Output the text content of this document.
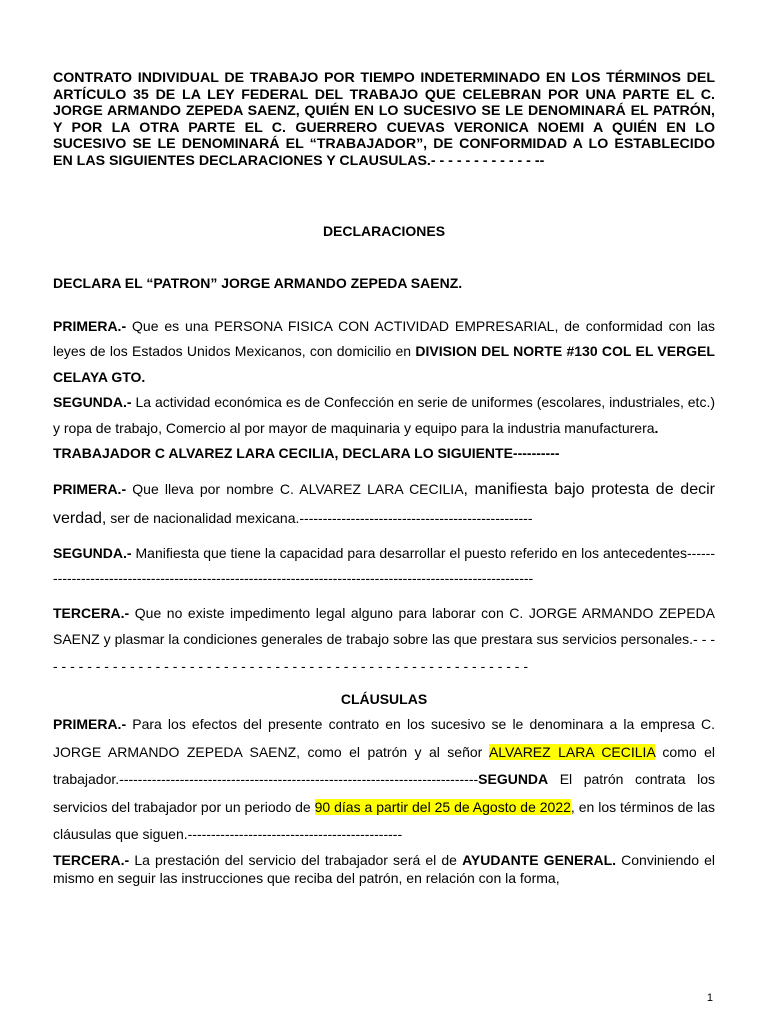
CONTRATO INDIVIDUAL DE TRABAJO POR TIEMPO INDETERMINADO EN LOS TÉRMINOS DEL ARTÍCULO 35 DE LA LEY FEDERAL DEL TRABAJO QUE CELEBRAN POR UNA PARTE EL C. JORGE ARMANDO ZEPEDA SAENZ, QUIÉN EN LO SUCESIVO SE LE DENOMINARÁ EL PATRÓN, Y POR LA OTRA PARTE EL C. GUERRERO CUEVAS VERONICA NOEMI A QUIÉN EN LO SUCESIVO SE LE DENOMINARÁ EL “TRABAJADOR”, DE CONFORMIDAD A LO ESTABLECIDO EN LAS SIGUIENTES DECLARACIONES Y CLAUSULAS.- - - - - - - - - - - - --

DECLARACIONES

DECLARA EL “PATRON” JORGE ARMANDO ZEPEDA SAENZ.

PRIMERA.- Que es una PERSONA FISICA CON ACTIVIDAD EMPRESARIAL, de conformidad con las leyes de los Estados Unidos Mexicanos, con domicilio en DIVISION DEL NORTE #130 COL EL VERGEL CELAYA GTO.

SEGUNDA.- La actividad económica es de Confección en serie de uniformes (escolares, industriales, etc.) y ropa de trabajo, Comercio al por mayor de maquinaria y equipo para la industria manufacturera.

TRABAJADOR C ALVAREZ LARA CECILIA, DECLARA LO SIGUIENTE----------

PRIMERA.- Que lleva por nombre C. ALVAREZ LARA CECILIA, manifiesta bajo protesta de decir verdad, ser de nacionalidad mexicana.--------------------------------------------------

SEGUNDA.- Manifiesta que tiene la capacidad para desarrollar el puesto referido en los antecedentes-------------------------------------------------------------------------------------------------------------

TERCERA.- Que no existe impedimento legal alguno para laborar con C. JORGE ARMANDO ZEPEDA SAENZ y plasmar la condiciones generales de trabajo sobre las que prestara sus servicios personales.- - - - - - - - - - - - - - - - - - - - - - - - - - - - - - - - - - - - - - - - - - - - - - - - - - - - - - - - - - -

CLÁUSULAS

PRIMERA.- Para los efectos del presente contrato en los sucesivo se le denominara a la empresa C. JORGE ARMANDO ZEPEDA SAENZ, como el patrón y al señor ALVAREZ LARA CECILIA como el trabajador.-----------------------------------------------------------------------------SEGUNDA El patrón contrata los servicios del trabajador por un periodo de 90 días a partir del 25 de Agosto de 2022, en los términos de las cláusulas que siguen.----------------------------------------------

TERCERA.- La prestación del servicio del trabajador será el de AYUDANTE GENERAL. Conviniendo el mismo en seguir las instrucciones que reciba del patrón, en relación con la forma,

1
